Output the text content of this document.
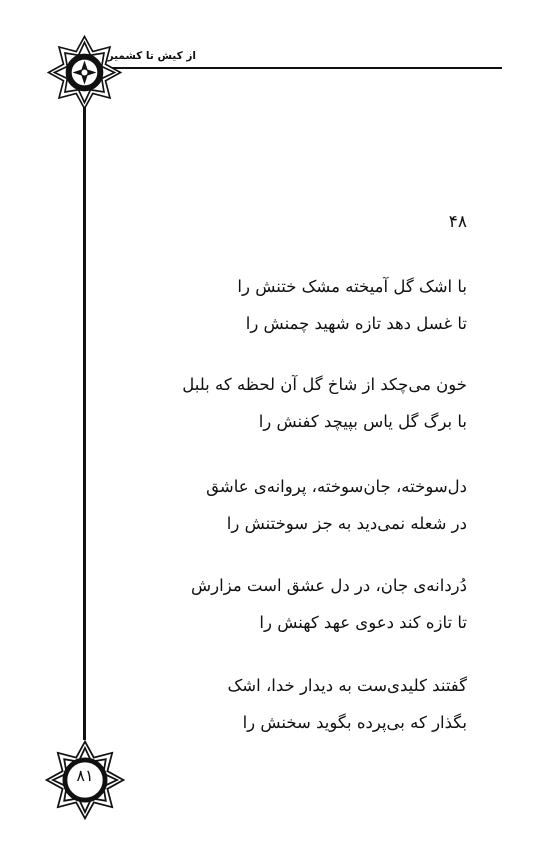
از کیش تا کشمیر
۸۱
۴۸
با اشک گل آمیخته مشک ختنش را
تا غسل دهد تازه شهید چمنش را
خون می‌چکد از شاخ گل آن لحظه که بلبل
با برگ گل یاس بپیچد کفنش را
دل‌سوخته، جان‌سوخته، پروانه‌ی عاشق
در شعله نمی‌دید به جز سوختنش را
دُردانه‌ی جان، در دل عشق است مزارش
تا تازه کند دعوی عهد کهنش را
گفتند کلیدی‌ست به دیدار خدا، اشک
بگذار که بی‌پرده بگوید سخنش را
